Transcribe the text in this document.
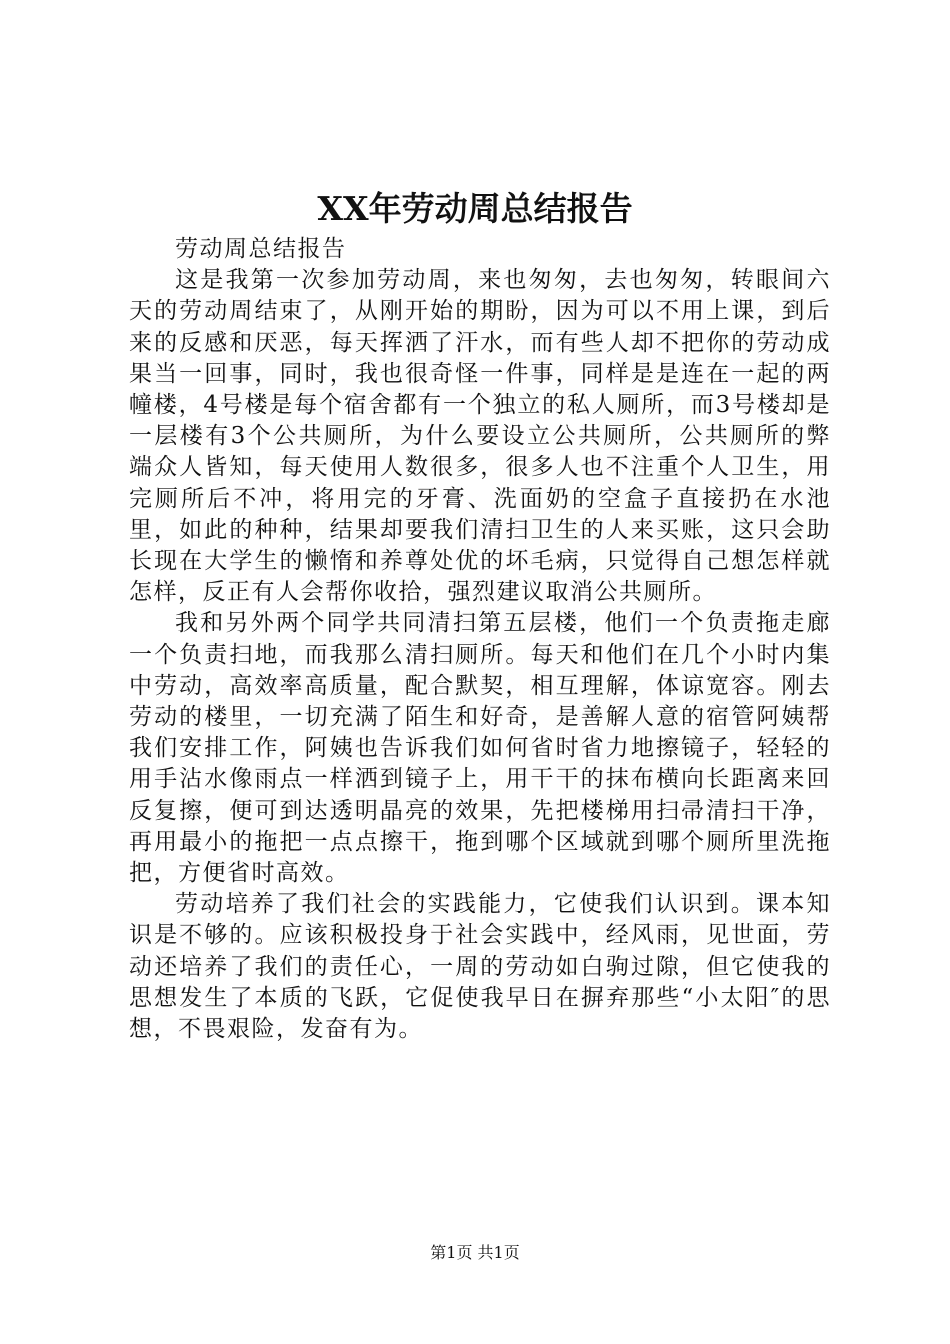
XX年劳动周总结报告

劳动周总结报告

这是我第一次参加劳动周，来也匆匆，去也匆匆，转眼间六天的劳动周结束了，从刚开始的期盼，因为可以不用上课，到后来的反感和厌恶，每天挥洒了汗水，而有些人却不把你的劳动成果当一回事，同时，我也很奇怪一件事，同样是是连在一起的两幢楼，4号楼是每个宿舍都有一个独立的私人厕所，而3号楼却是一层楼有3个公共厕所，为什么要设立公共厕所，公共厕所的弊端众人皆知，每天使用人数很多，很多人也不注重个人卫生，用完厕所后不冲，将用完的牙膏、洗面奶的空盒子直接扔在水池里，如此的种种，结果却要我们清扫卫生的人来买账，这只会助长现在大学生的懒惰和养尊处优的坏毛病，只觉得自己想怎样就怎样，反正有人会帮你收拾，强烈建议取消公共厕所。

我和另外两个同学共同清扫第五层楼，他们一个负责拖走廊一个负责扫地，而我那么清扫厕所。每天和他们在几个小时内集中劳动，高效率高质量，配合默契，相互理解，体谅宽容。刚去劳动的楼里，一切充满了陌生和好奇，是善解人意的宿管阿姨帮我们安排工作，阿姨也告诉我们如何省时省力地擦镜子，轻轻的用手沾水像雨点一样洒到镜子上，用干干的抹布横向长距离来回反复擦，便可到达透明晶亮的效果，先把楼梯用扫帚清扫干净，再用最小的拖把一点点擦干，拖到哪个区域就到哪个厕所里洗拖把，方便省时高效。

劳动培养了我们社会的实践能力，它使我们认识到。课本知识是不够的。应该积极投身于社会实践中，经风雨，见世面，劳动还培养了我们的责任心，一周的劳动如白驹过隙，但它使我的思想发生了本质的飞跃，它促使我早日在摒弃那些“小太阳″的思想，不畏艰险，发奋有为。

第1页 共1页
